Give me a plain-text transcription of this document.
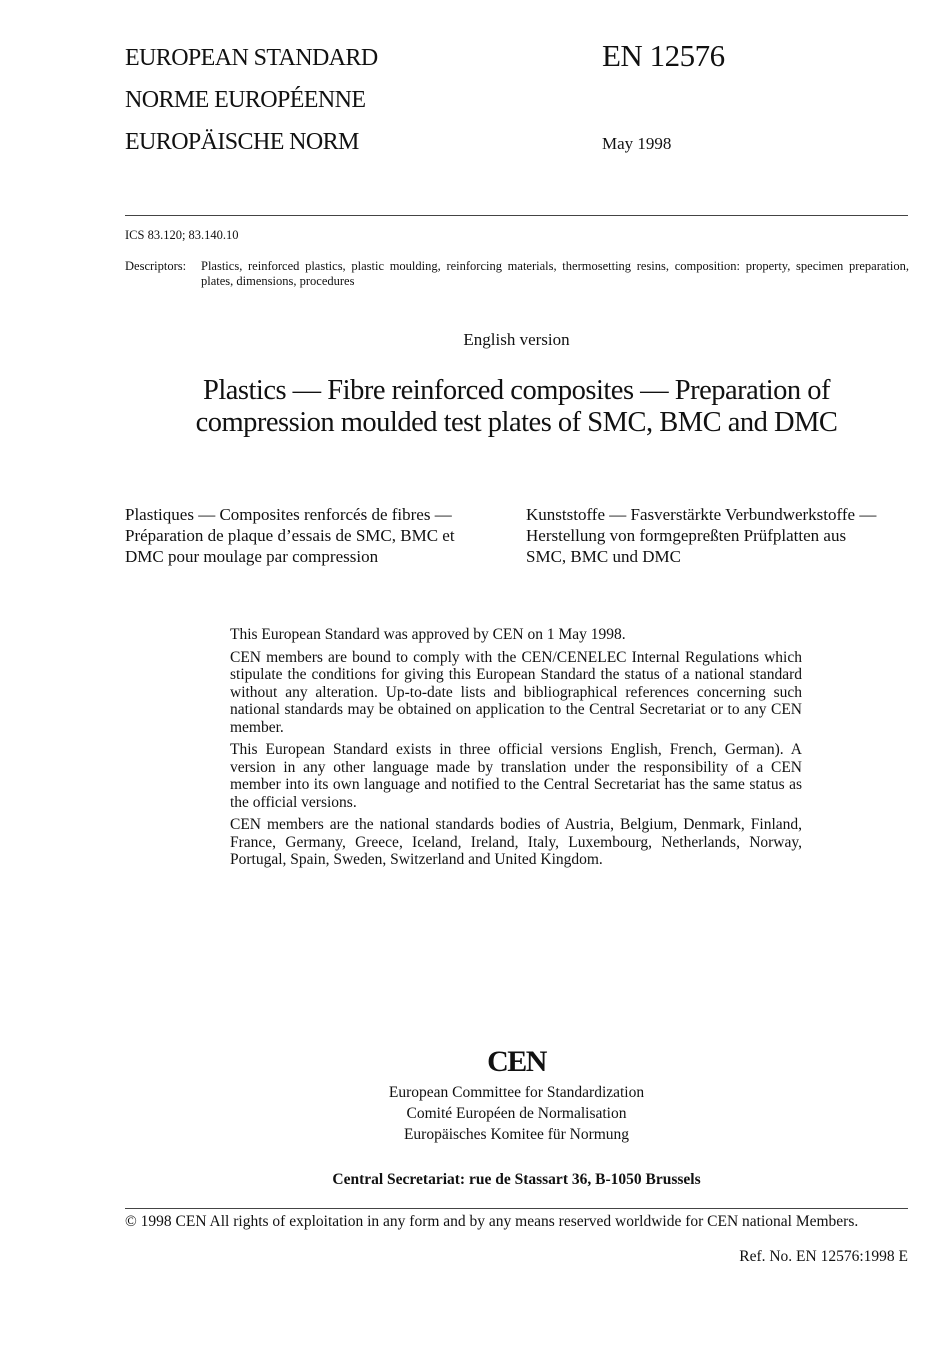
EUROPEAN STANDARD
NORME EUROPÉENNE
EUROPÄISCHE NORM
EN 12576
May 1998
ICS 83.120; 83.140.10
Descriptors:	Plastics, reinforced plastics, plastic moulding, reinforcing materials, thermosetting resins, composition: property, specimen preparation, plates, dimensions, procedures
English version
Plastics — Fibre reinforced composites — Preparation of
compression moulded test plates of SMC, BMC and DMC
Plastiques — Composites renforcés de fibres —
Préparation de plaque d’essais de SMC, BMC et
DMC pour moulage par compression
Kunststoffe — Fasverstärkte Verbundwerkstoffe —
Herstellung von formgepreßten Prüfplatten aus
SMC, BMC und DMC

This European Standard was approved by CEN on 1 May 1998.

CEN members are bound to comply with the CEN/CENELEC Internal Regulations which stipulate the conditions for giving this European Standard the status of a national standard without any alteration. Up-to-date lists and bibliographical references concerning such national standards may be obtained on application to the Central Secretariat or to any CEN member.

This European Standard exists in three official versions English, French, German). A version in any other language made by translation under the responsibility of a CEN member into its own language and notified to the Central Secretariat has the same status as the official versions.

CEN members are the national standards bodies of Austria, Belgium, Denmark, Finland, France, Germany, Greece, Iceland, Ireland, Italy, Luxembourg, Netherlands, Norway, Portugal, Spain, Sweden, Switzerland and United Kingdom.

CEN
European Committee for Standardization
Comité Européen de Normalisation
Europäisches Komitee für Normung
Central Secretariat: rue de Stassart 36, B-1050 Brussels
© 1998 CEN All rights of exploitation in any form and by any means reserved worldwide for CEN national Members.
Ref. No. EN 12576:1998 E
